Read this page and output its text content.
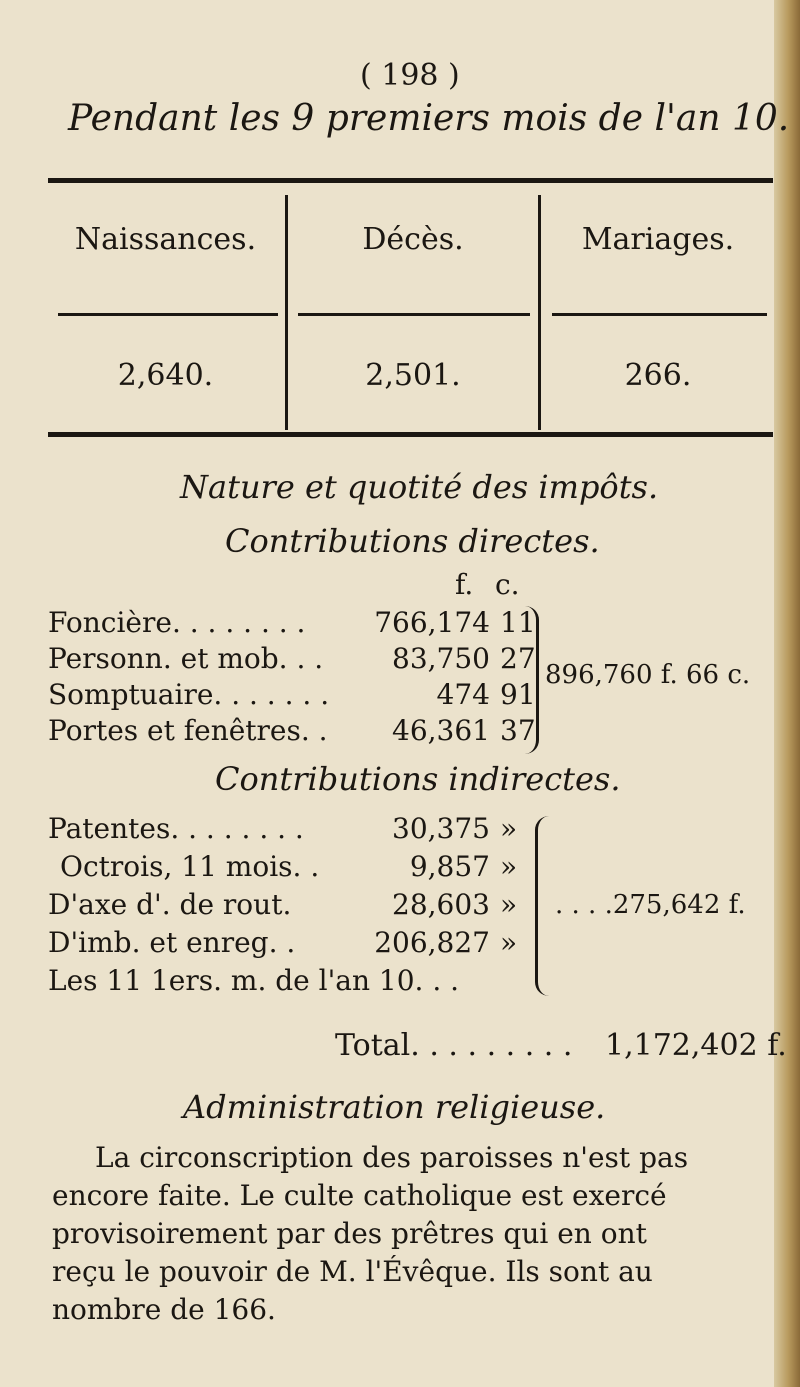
( 198 )
Pendant les 9 premiers mois de l'an 10.
Naissances.	Décès.	Mariages.
2,640.	2,501.	266.
Nature et quotité des impôts.
Contributions directes.
f. c.
Foncière. . . . . . . .	766,174 11
Personn. et mob. . .	83,750 27
Somptuaire. . . . . . .	474 91
Portes et fenêtres. .	46,361 37
896,760 f. 66 c.
Contributions indirectes.
Patentes. . . . . . . .	30,375 »
Octrois, 11 mois. .	9,857 »
D'axe d'. de rout.	28,603 »
D'imb. et enreg. .	206,827 »
Les 11 1ers. m. de l'an 10. . .
. . . .275,642 f.
Total. . . . . . . . . 1,172,402 f.
Administration religieuse.
La circonscription des paroisses n'est pas
encore faite. Le culte catholique est exercé
provisoirement par des prêtres qui en ont
reçu le pouvoir de M. l'Évêque. Ils sont au
nombre de 166.
